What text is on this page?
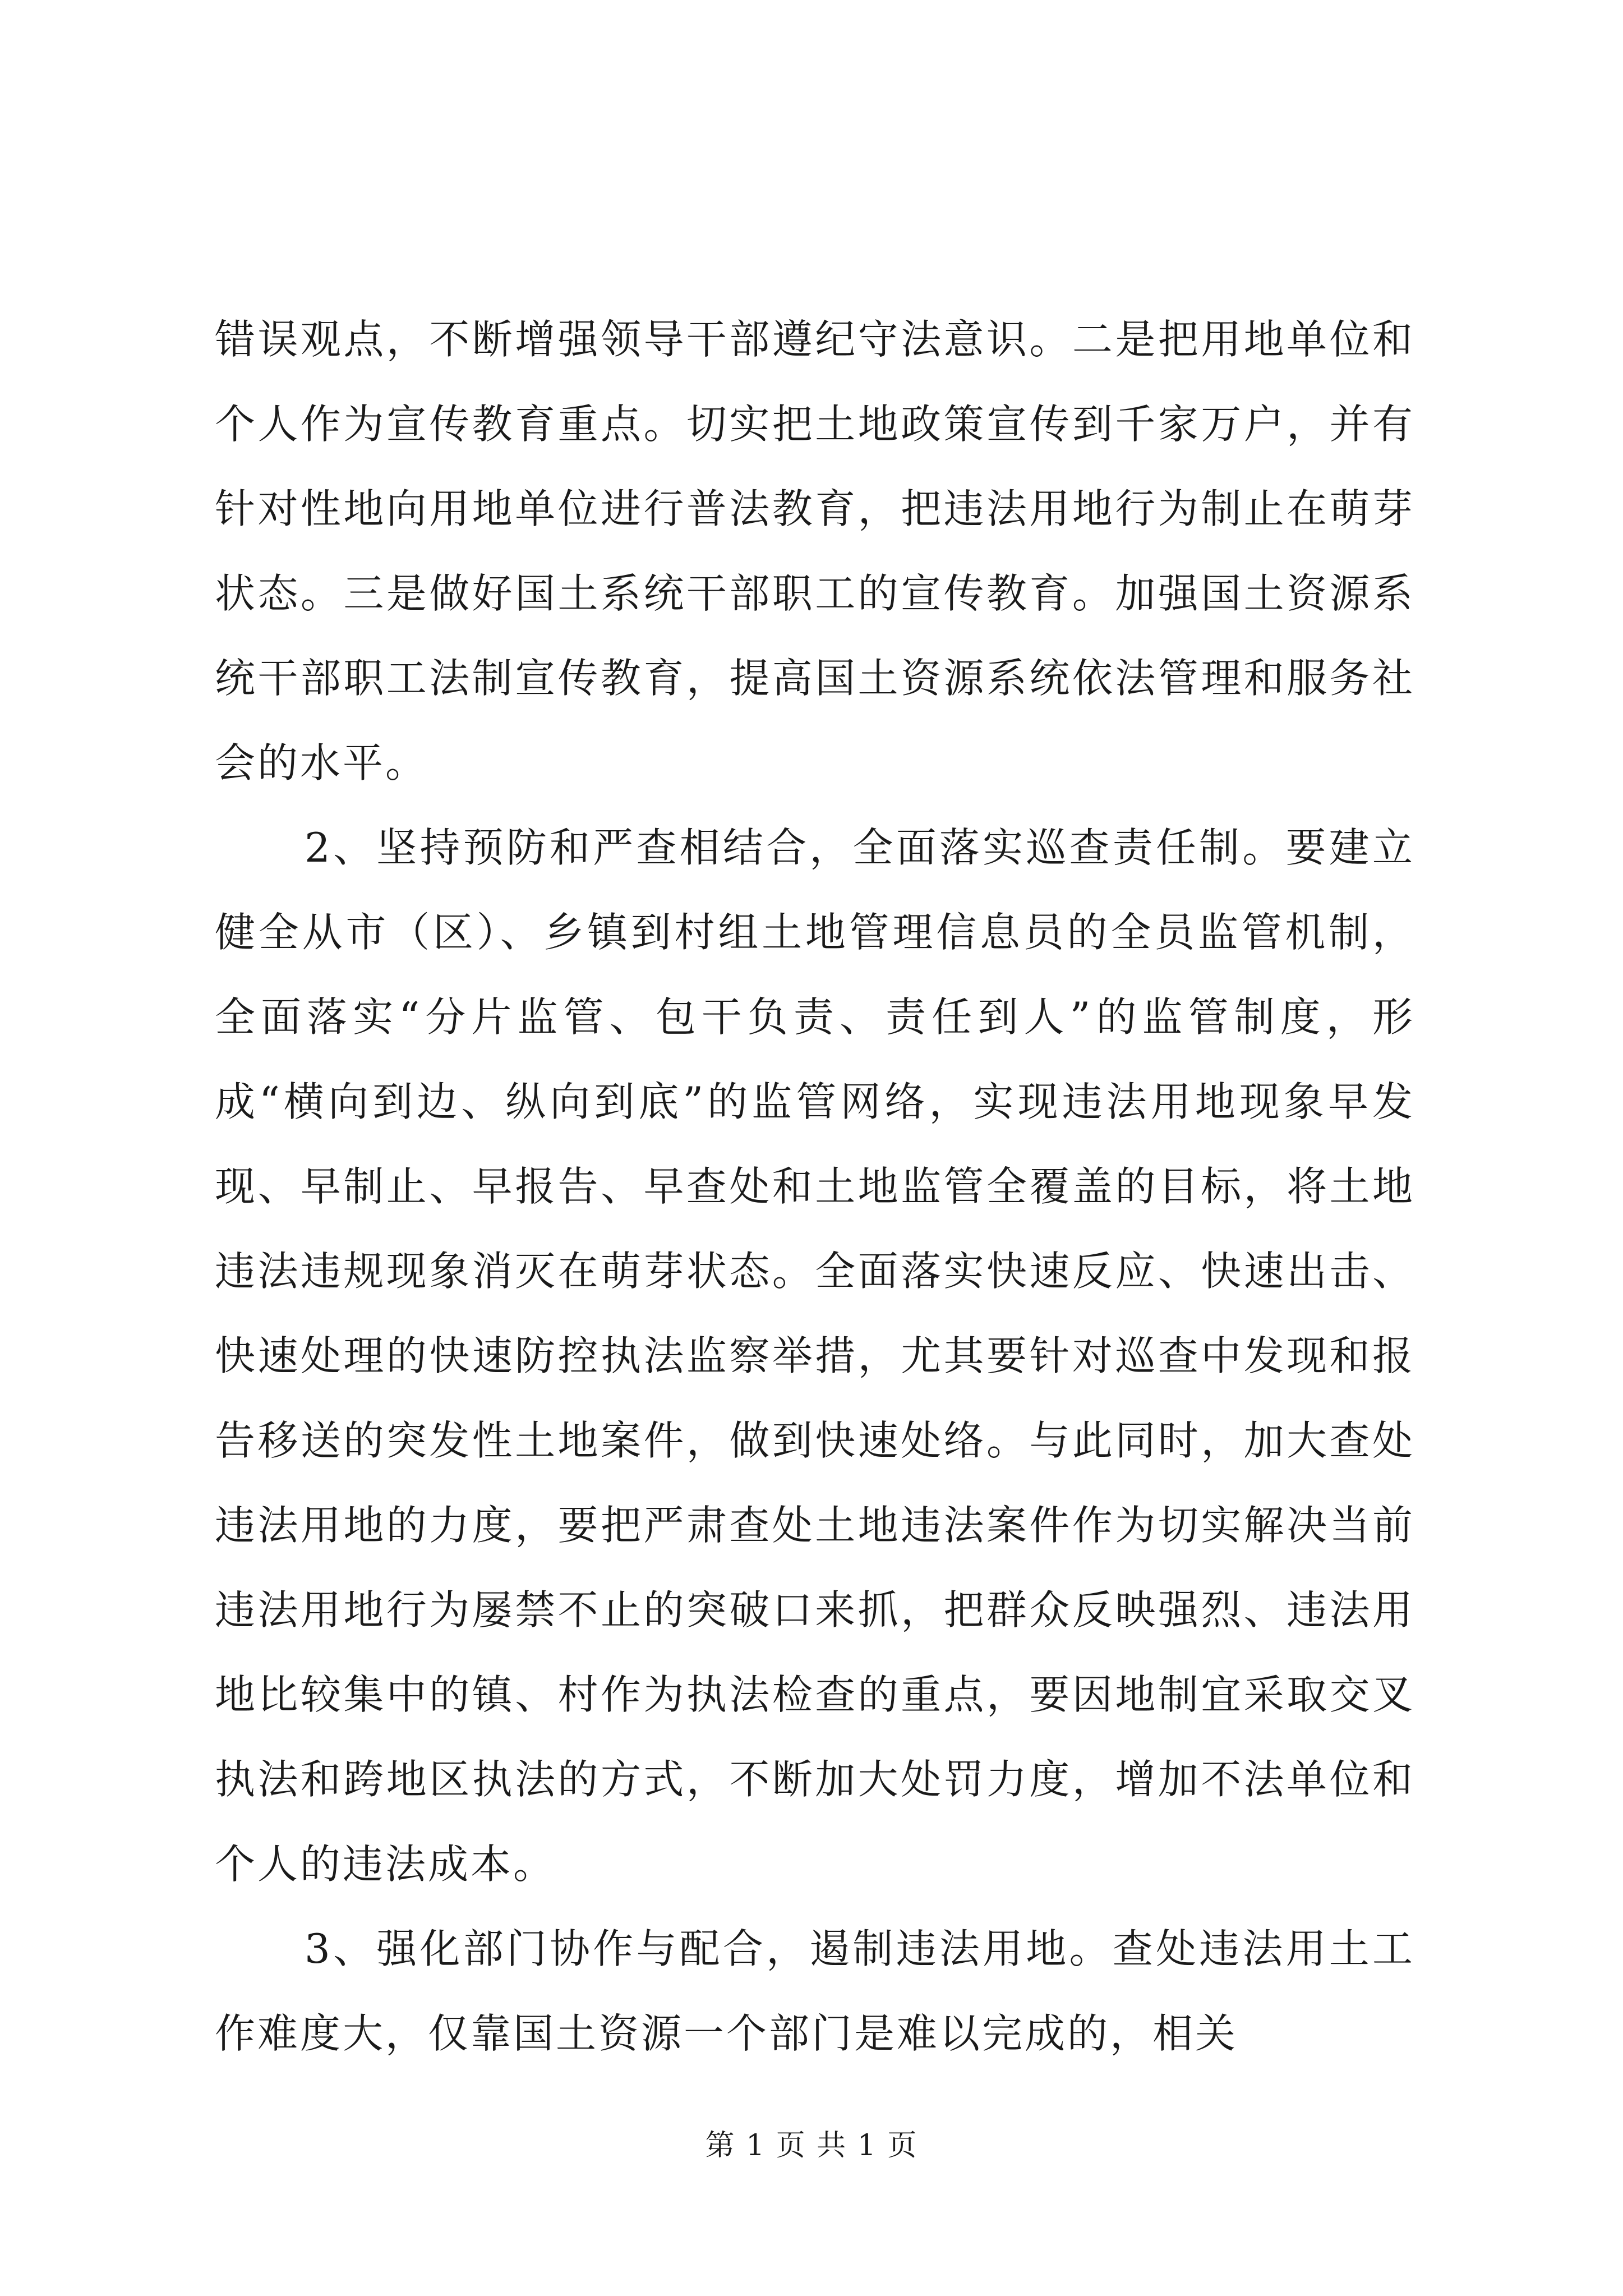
错误观点，不断增强领导干部遵纪守法意识。二是把用地单位和个人作为宣传教育重点。切实把土地政策宣传到千家万户，并有针对性地向用地单位进行普法教育，把违法用地行为制止在萌芽状态。三是做好国土系统干部职工的宣传教育。加强国土资源系统干部职工法制宣传教育，提高国土资源系统依法管理和服务社会的水平。

2、坚持预防和严查相结合，全面落实巡查责任制。要建立健全从市（区）、乡镇到村组土地管理信息员的全员监管机制，全面落实“分片监管、包干负责、责任到人”的监管制度，形成“横向到边、纵向到底”的监管网络，实现违法用地现象早发现、早制止、早报告、早查处和土地监管全覆盖的目标，将土地违法违规现象消灭在萌芽状态。全面落实快速反应、快速出击、快速处理的快速防控执法监察举措，尤其要针对巡查中发现和报告移送的突发性土地案件，做到快速处络。与此同时，加大查处违法用地的力度，要把严肃查处土地违法案件作为切实解决当前违法用地行为屡禁不止的突破口来抓，把群众反映强烈、违法用地比较集中的镇、村作为执法检查的重点，要因地制宜采取交叉执法和跨地区执法的方式，不断加大处罚力度，增加不法单位和个人的违法成本。

3、强化部门协作与配合，遏制违法用地。查处违法用土工作难度大，仅靠国土资源一个部门是难以完成的，相关

第 1 页 共 1 页
